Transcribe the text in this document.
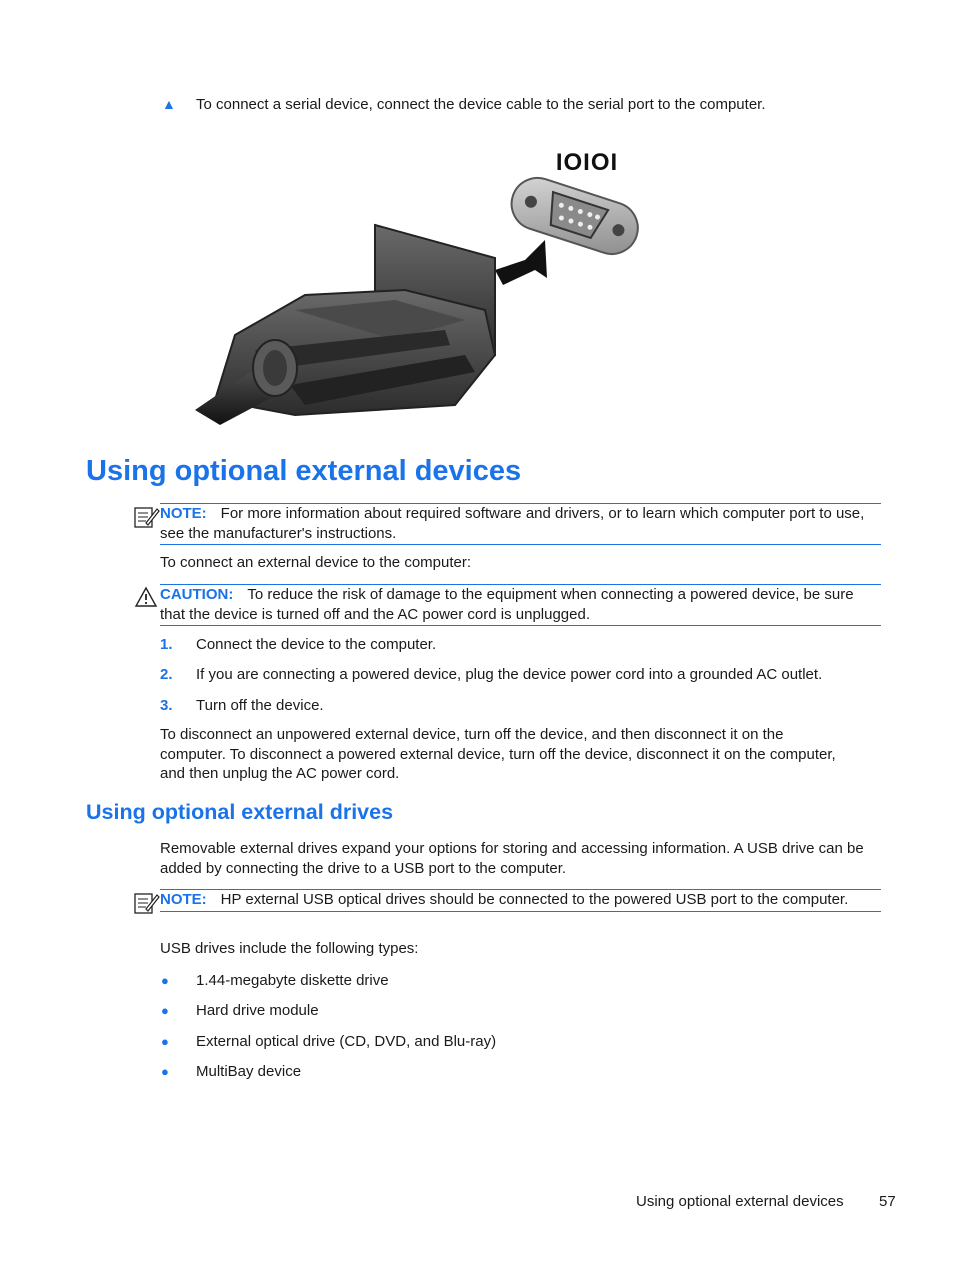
▲ To connect a serial device, connect the device cable to the serial port to the computer.
IOIOI
Using optional external devices
NOTE: For more information about required software and drivers, or to learn which computer port to use, see the manufacturer's instructions.
To connect an external device to the computer:
CAUTION: To reduce the risk of damage to the equipment when connecting a powered device, be sure that the device is turned off and the AC power cord is unplugged.
1. Connect the device to the computer.
2. If you are connecting a powered device, plug the device power cord into a grounded AC outlet.
3. Turn off the device.
To disconnect an unpowered external device, turn off the device, and then disconnect it on the computer. To disconnect a powered external device, turn off the device, disconnect it on the computer, and then unplug the AC power cord.
Using optional external drives
Removable external drives expand your options for storing and accessing information. A USB drive can be added by connecting the drive to a USB port to the computer.
NOTE: HP external USB optical drives should be connected to the powered USB port to the computer.
USB drives include the following types:
● 1.44-megabyte diskette drive
● Hard drive module
● External optical drive (CD, DVD, and Blu-ray)
● MultiBay device
Using optional external devices 57
